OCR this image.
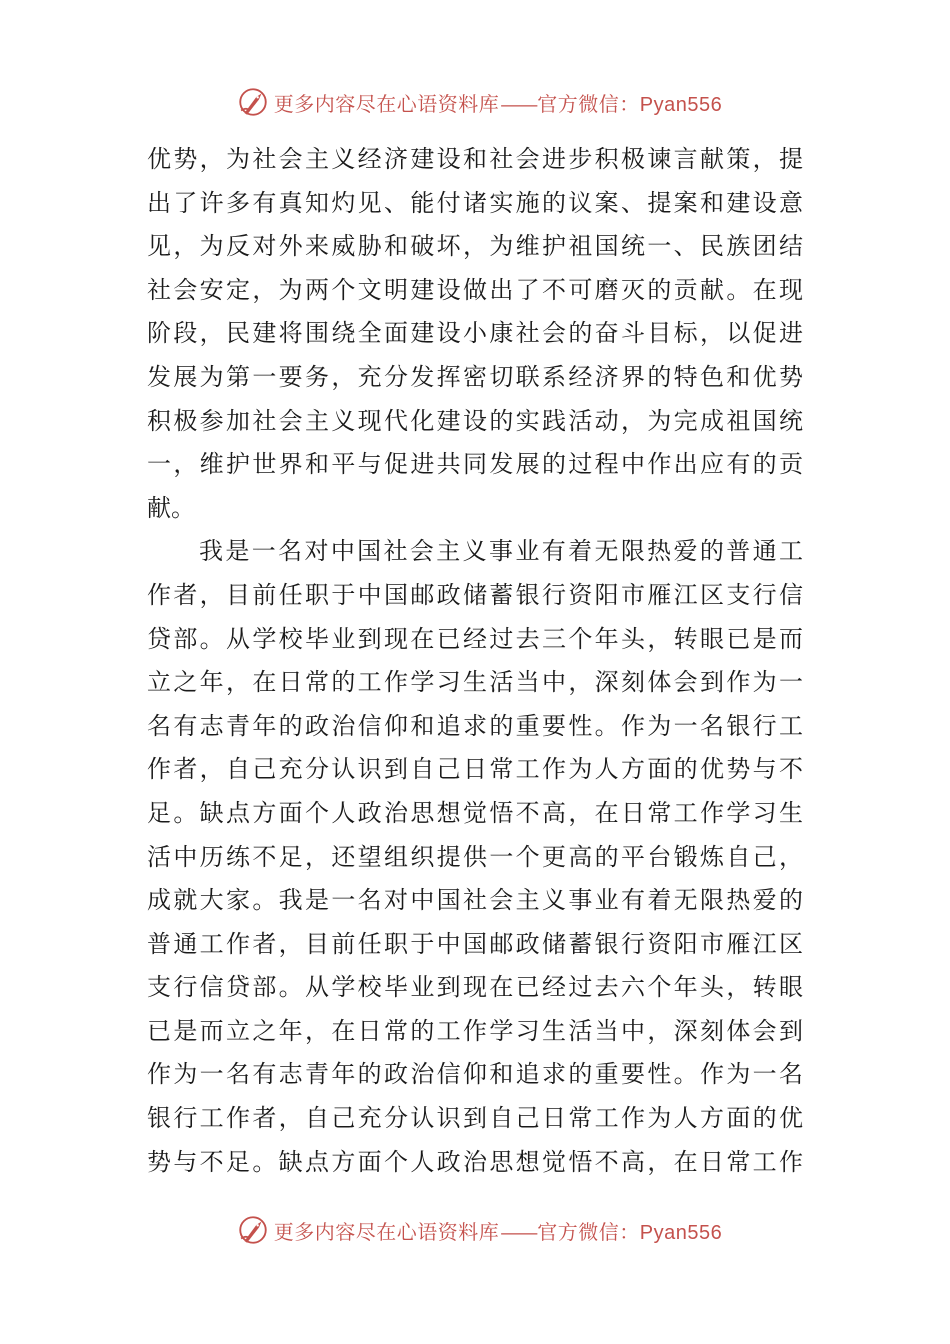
更多内容尽在心语资料库——官方微信：Pyan556
优势，为社会主义经济建设和社会进步积极谏言献策，提
出了许多有真知灼见、能付诸实施的议案、提案和建设意
见，为反对外来威胁和破坏，为维护祖国统一、民族团结
社会安定，为两个文明建设做出了不可磨灭的贡献。在现
阶段，民建将围绕全面建设小康社会的奋斗目标，以促进
发展为第一要务，充分发挥密切联系经济界的特色和优势
积极参加社会主义现代化建设的实践活动，为完成祖国统
一，维护世界和平与促进共同发展的过程中作出应有的贡
献。
我是一名对中国社会主义事业有着无限热爱的普通工
作者，目前任职于中国邮政储蓄银行资阳市雁江区支行信
贷部。从学校毕业到现在已经过去三个年头，转眼已是而
立之年，在日常的工作学习生活当中，深刻体会到作为一
名有志青年的政治信仰和追求的重要性。作为一名银行工
作者，自己充分认识到自己日常工作为人方面的优势与不
足。缺点方面个人政治思想觉悟不高，在日常工作学习生
活中历练不足，还望组织提供一个更高的平台锻炼自己，
成就大家。我是一名对中国社会主义事业有着无限热爱的
普通工作者，目前任职于中国邮政储蓄银行资阳市雁江区
支行信贷部。从学校毕业到现在已经过去六个年头，转眼
已是而立之年，在日常的工作学习生活当中，深刻体会到
作为一名有志青年的政治信仰和追求的重要性。作为一名
银行工作者，自己充分认识到自己日常工作为人方面的优
势与不足。缺点方面个人政治思想觉悟不高，在日常工作
更多内容尽在心语资料库——官方微信：Pyan556
